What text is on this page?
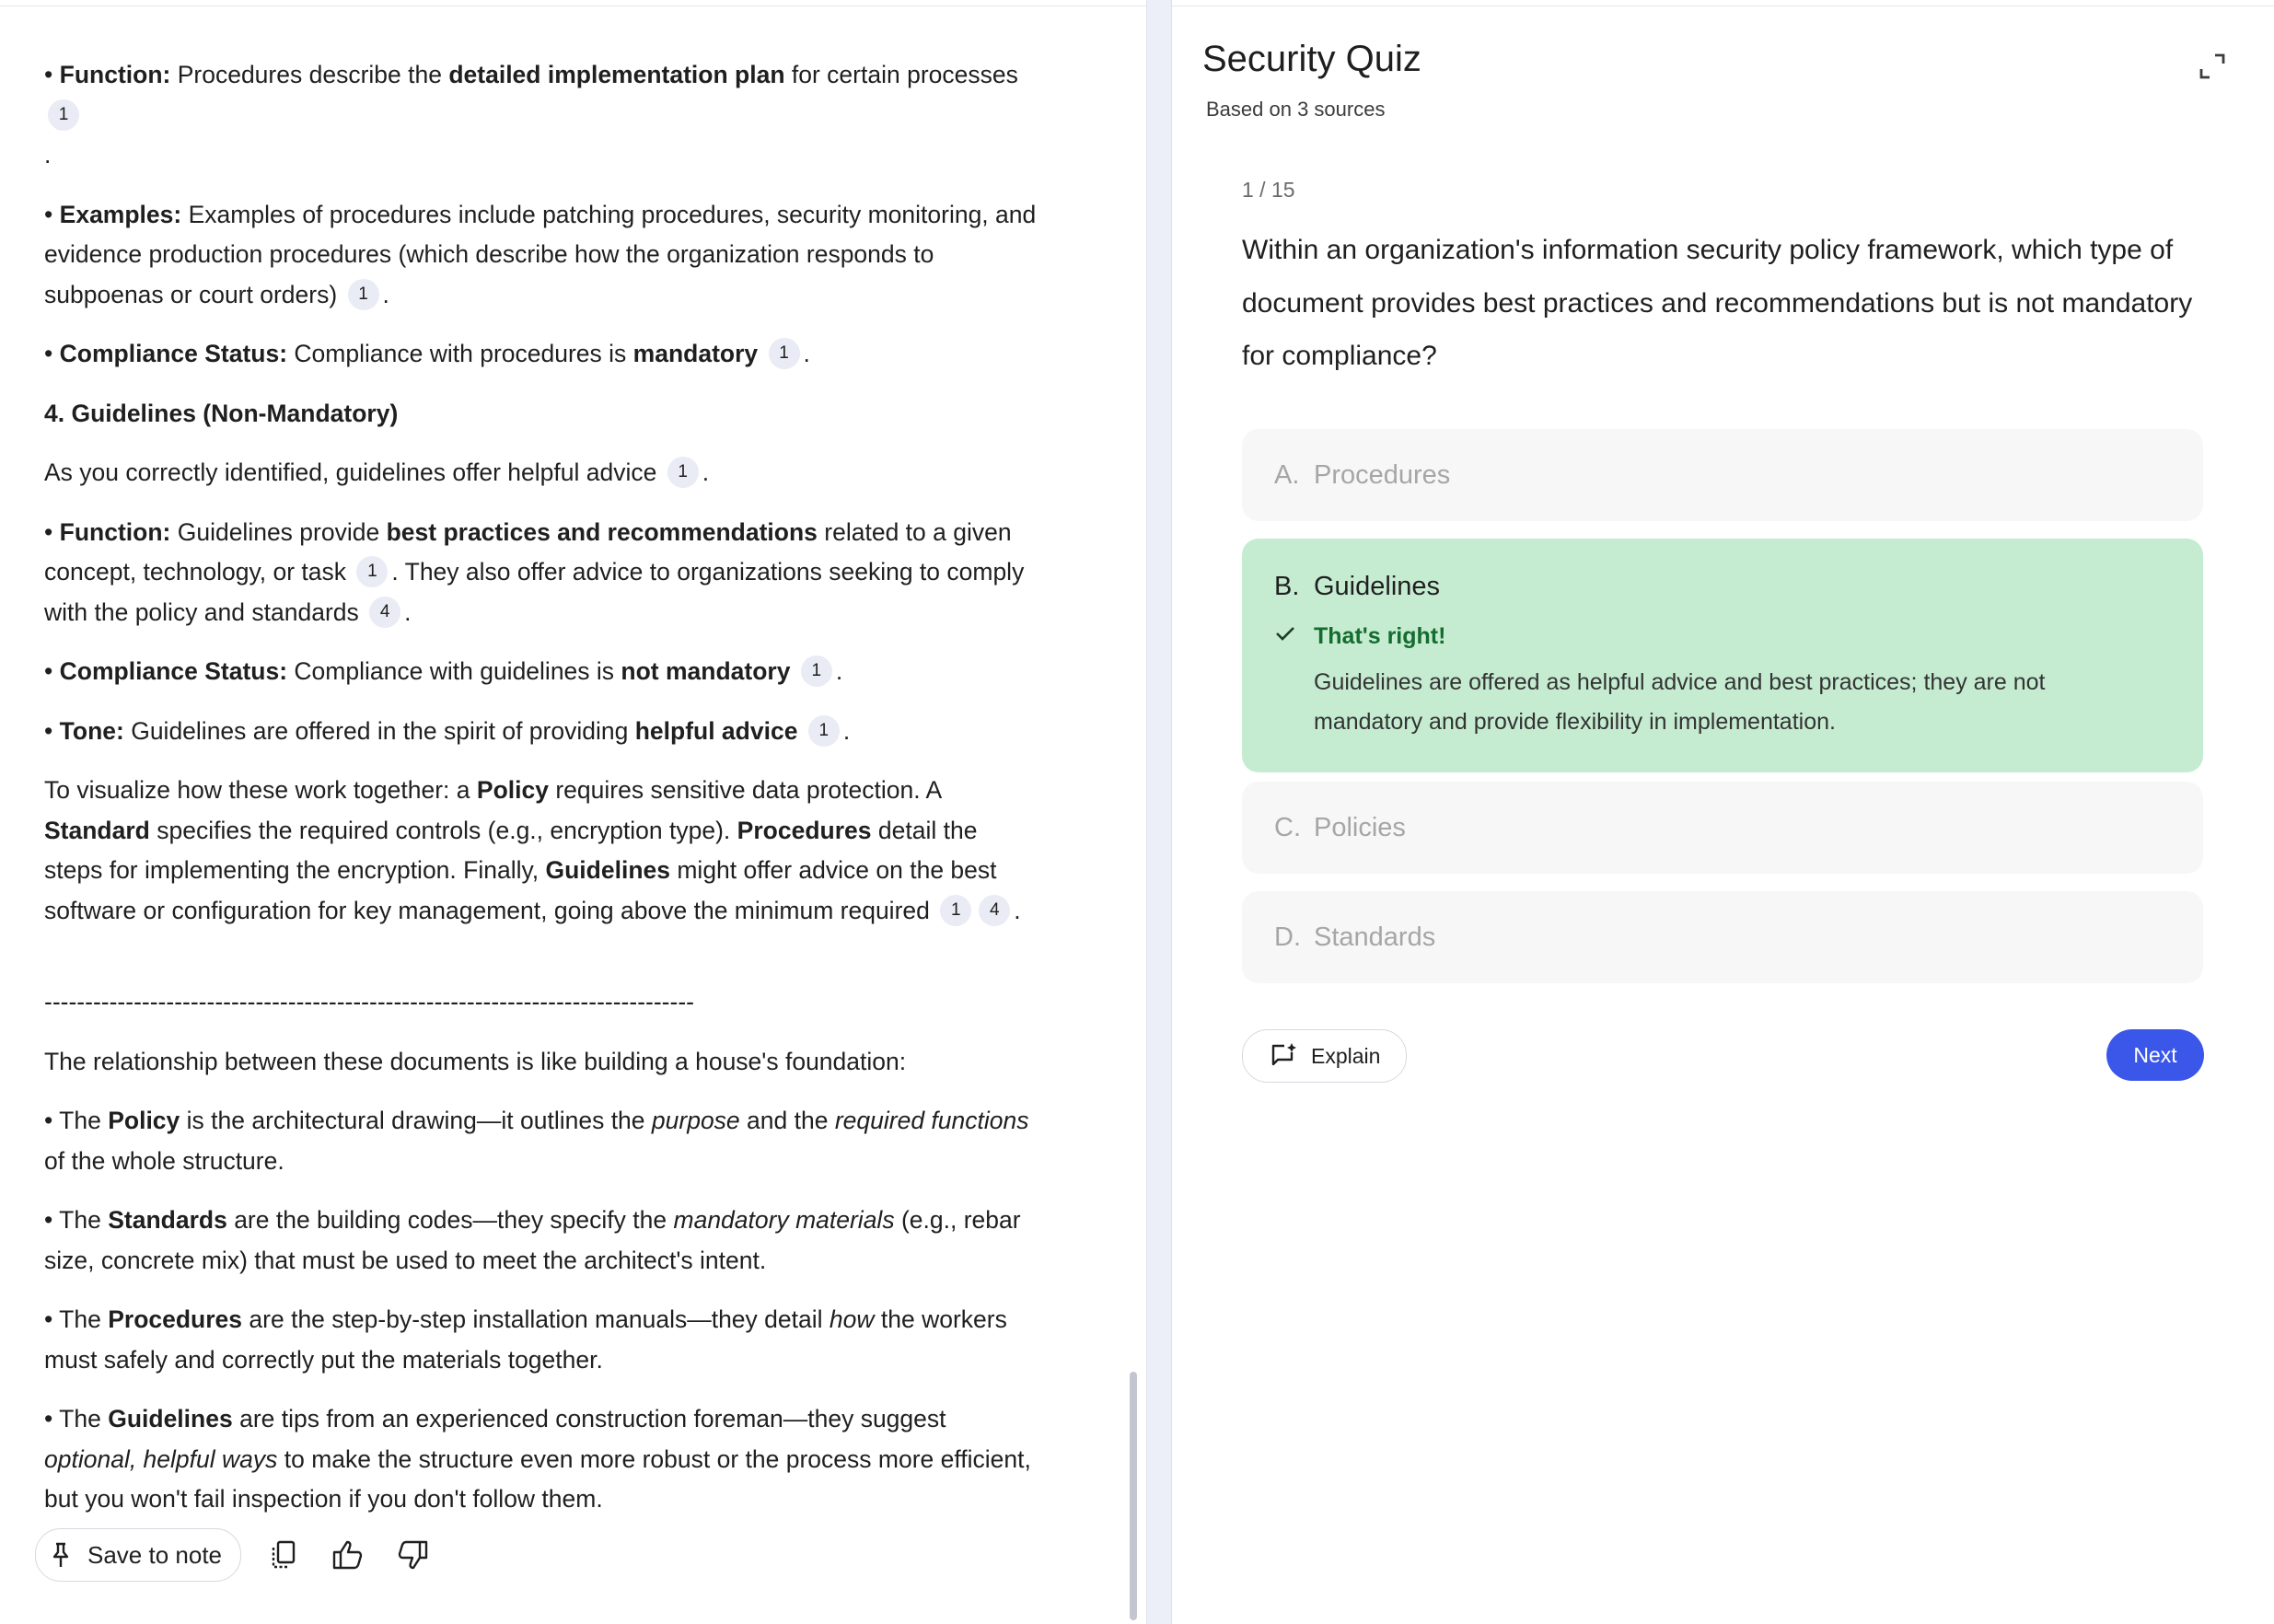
• Function: Procedures describe the detailed implementation plan for certain processes 1

.

• Examples: Examples of procedures include patching procedures, security monitoring, and evidence production procedures (which describe how the organization responds to subpoenas or court orders) 1 .

• Compliance Status: Compliance with procedures is mandatory 1 .

4. Guidelines (Non-Mandatory)

As you correctly identified, guidelines offer helpful advice 1 .

• Function: Guidelines provide best practices and recommendations related to a given concept, technology, or task 1 . They also offer advice to organizations seeking to comply with the policy and standards 4 .

• Compliance Status: Compliance with guidelines is not mandatory 1 .

• Tone: Guidelines are offered in the spirit of providing helpful advice 1 .

To visualize how these work together: a Policy requires sensitive data protection. A Standard specifies the required controls (e.g., encryption type). Procedures detail the steps for implementing the encryption. Finally, Guidelines might offer advice on the best software or configuration for key management, going above the minimum required 1 4 .

--------------------------------------------------------------------------------

The relationship between these documents is like building a house's foundation:

• The Policy is the architectural drawing—it outlines the purpose and the required functions of the whole structure.

• The Standards are the building codes—they specify the mandatory materials (e.g., rebar size, concrete mix) that must be used to meet the architect's intent.

• The Procedures are the step-by-step installation manuals—they detail how the workers must safely and correctly put the materials together.

• The Guidelines are tips from an experienced construction foreman—they suggest optional, helpful ways to make the structure even more robust or the process more efficient, but you won't fail inspection if you don't follow them.

Save to note
Security Quiz
Based on 3 sources
1 / 15
Within an organization's information security policy framework, which type of document provides best practices and recommendations but is not mandatory for compliance?
A. Procedures
B. Guidelines
That's right!
Guidelines are offered as helpful advice and best practices; they are not mandatory and provide flexibility in implementation.
C. Policies
D. Standards
Explain	Next
